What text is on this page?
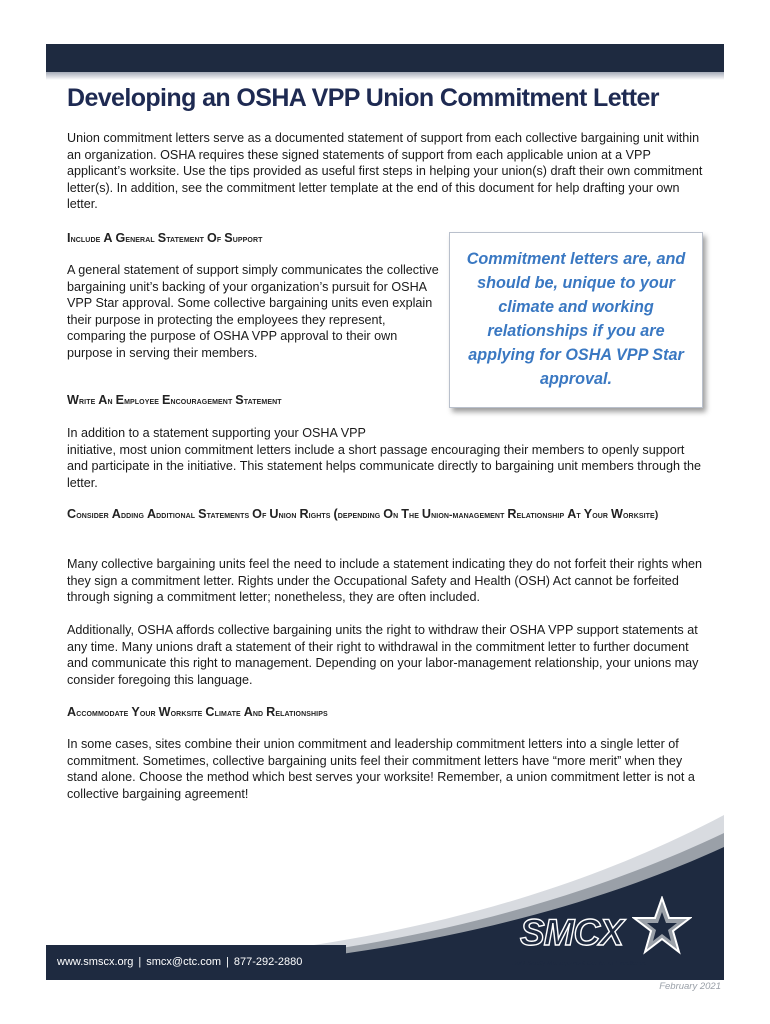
Developing an OSHA VPP Union Commitment Letter

Union commitment letters serve as a documented statement of support from each collective bargaining unit within an organization. OSHA requires these signed statements of support from each applicable union at a VPP applicant’s worksite. Use the tips provided as useful first steps in helping your union(s) draft their own commitment letter(s). In addition, see the commitment letter template at the end of this document for help drafting your own letter.

Include A General Statement Of Support

A general statement of support simply communicates the collective bargaining unit’s backing of your organization’s pursuit for OSHA VPP Star approval. Some collective bargaining units even explain their purpose in protecting the employees they represent, comparing the purpose of OSHA VPP approval to their own purpose in serving their members.

Write An Employee Encouragement Statement

In addition to a statement supporting your OSHA VPP
initiative, most union commitment letters include a short passage encouraging their members to openly support and participate in the initiative. This statement helps communicate directly to bargaining unit members through the letter.

Consider Adding Additional Statements Of Union Rights (depending On The Union-management Relationship At Your Worksite)

Many collective bargaining units feel the need to include a statement indicating they do not forfeit their rights when they sign a commitment letter. Rights under the Occupational Safety and Health (OSH) Act cannot be forfeited through signing a commitment letter; nonetheless, they are often included.

Additionally, OSHA affords collective bargaining units the right to withdraw their OSHA VPP support statements at any time. Many unions draft a statement of their right to withdrawal in the commitment letter to further document and communicate this right to management. Depending on your labor-management relationship, your unions may consider foregoing this language.

Accommodate Your Worksite Climate And Relationships

In some cases, sites combine their union commitment and leadership commitment letters into a single letter of commitment. Sometimes, collective bargaining units feel their commitment letters have “more merit” when they stand alone. Choose the method which best serves your worksite! Remember, a union commitment letter is not a collective bargaining agreement!

Commitment letters are, and should be, unique to your climate and working relationships if you are applying for OSHA VPP Star approval.
www.smscx.org | smcx@ctc.com | 877-292-2880
SMCX
DoD Safety Management Center of Excellence
February 2021
